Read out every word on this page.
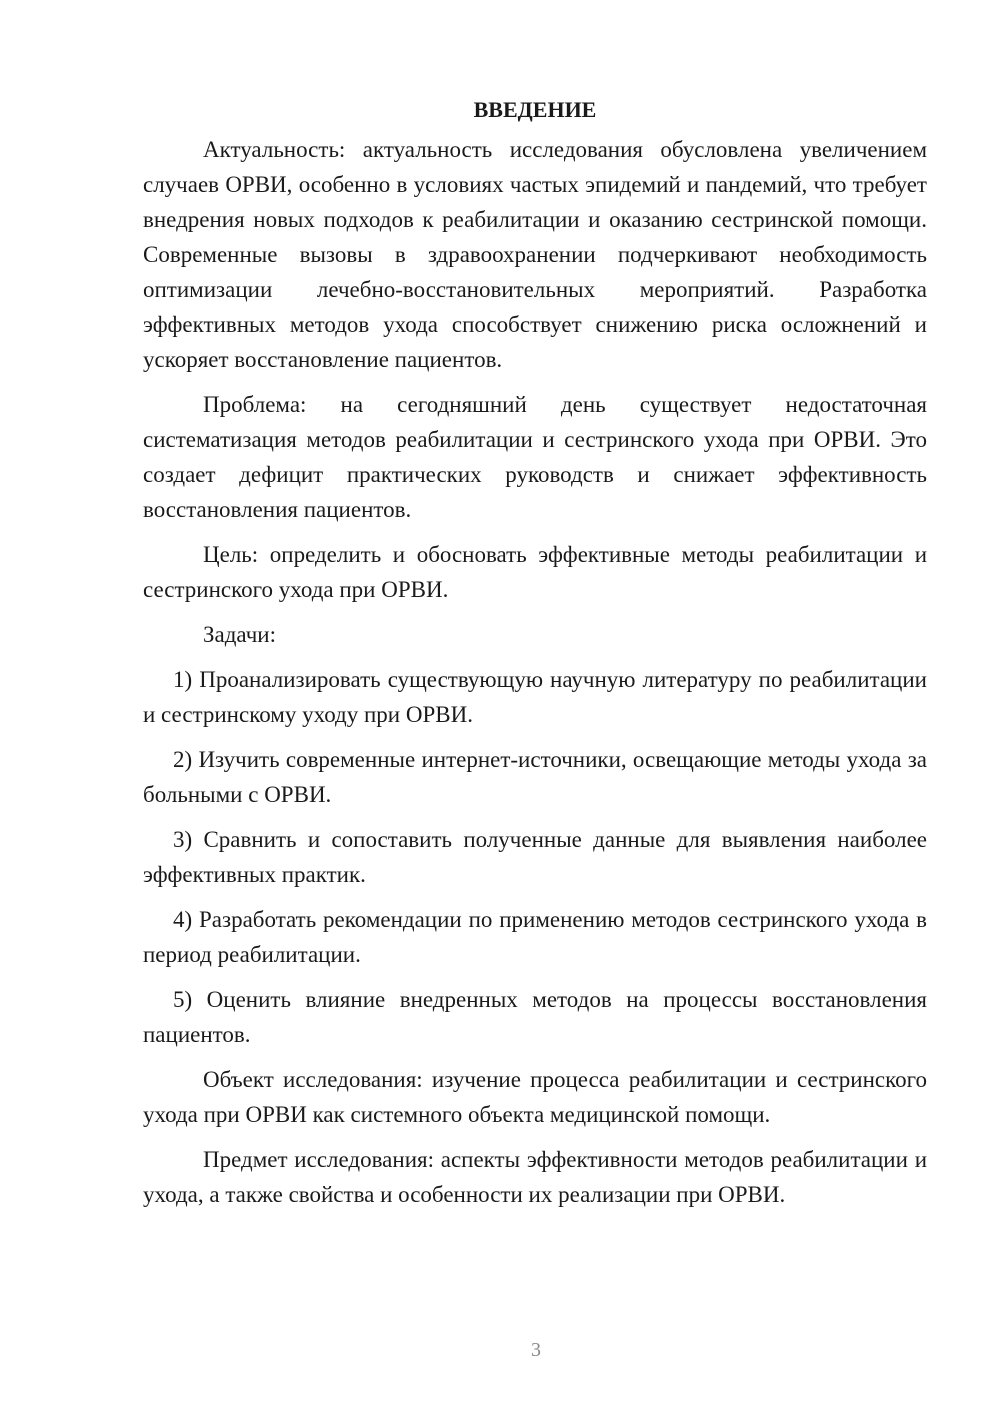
ВВЕДЕНИЕ

Актуальность: актуальность исследования обусловлена увеличением случаев ОРВИ, особенно в условиях частых эпидемий и пандемий, что требует внедрения новых подходов к реабилитации и оказанию сестринской помощи. Современные вызовы в здравоохранении подчеркивают необходимость оптимизации лечебно-восстановительных мероприятий. Разработка эффективных методов ухода способствует снижению риска осложнений и ускоряет восстановление пациентов.

Проблема: на сегодняшний день существует недостаточная систематизация методов реабилитации и сестринского ухода при ОРВИ. Это создает дефицит практических руководств и снижает эффективность восстановления пациентов.

Цель: определить и обосновать эффективные методы реабилитации и сестринского ухода при ОРВИ.

Задачи:

1) Проанализировать существующую научную литературу по реабилитации и сестринскому уходу при ОРВИ.

2) Изучить современные интернет-источники, освещающие методы ухода за больными с ОРВИ.

3) Сравнить и сопоставить полученные данные для выявления наиболее эффективных практик.

4) Разработать рекомендации по применению методов сестринского ухода в период реабилитации.

5) Оценить влияние внедренных методов на процессы восстановления пациентов.

Объект исследования: изучение процесса реабилитации и сестринского ухода при ОРВИ как системного объекта медицинской помощи.

Предмет исследования: аспекты эффективности методов реабилитации и ухода, а также свойства и особенности их реализации при ОРВИ.

3
